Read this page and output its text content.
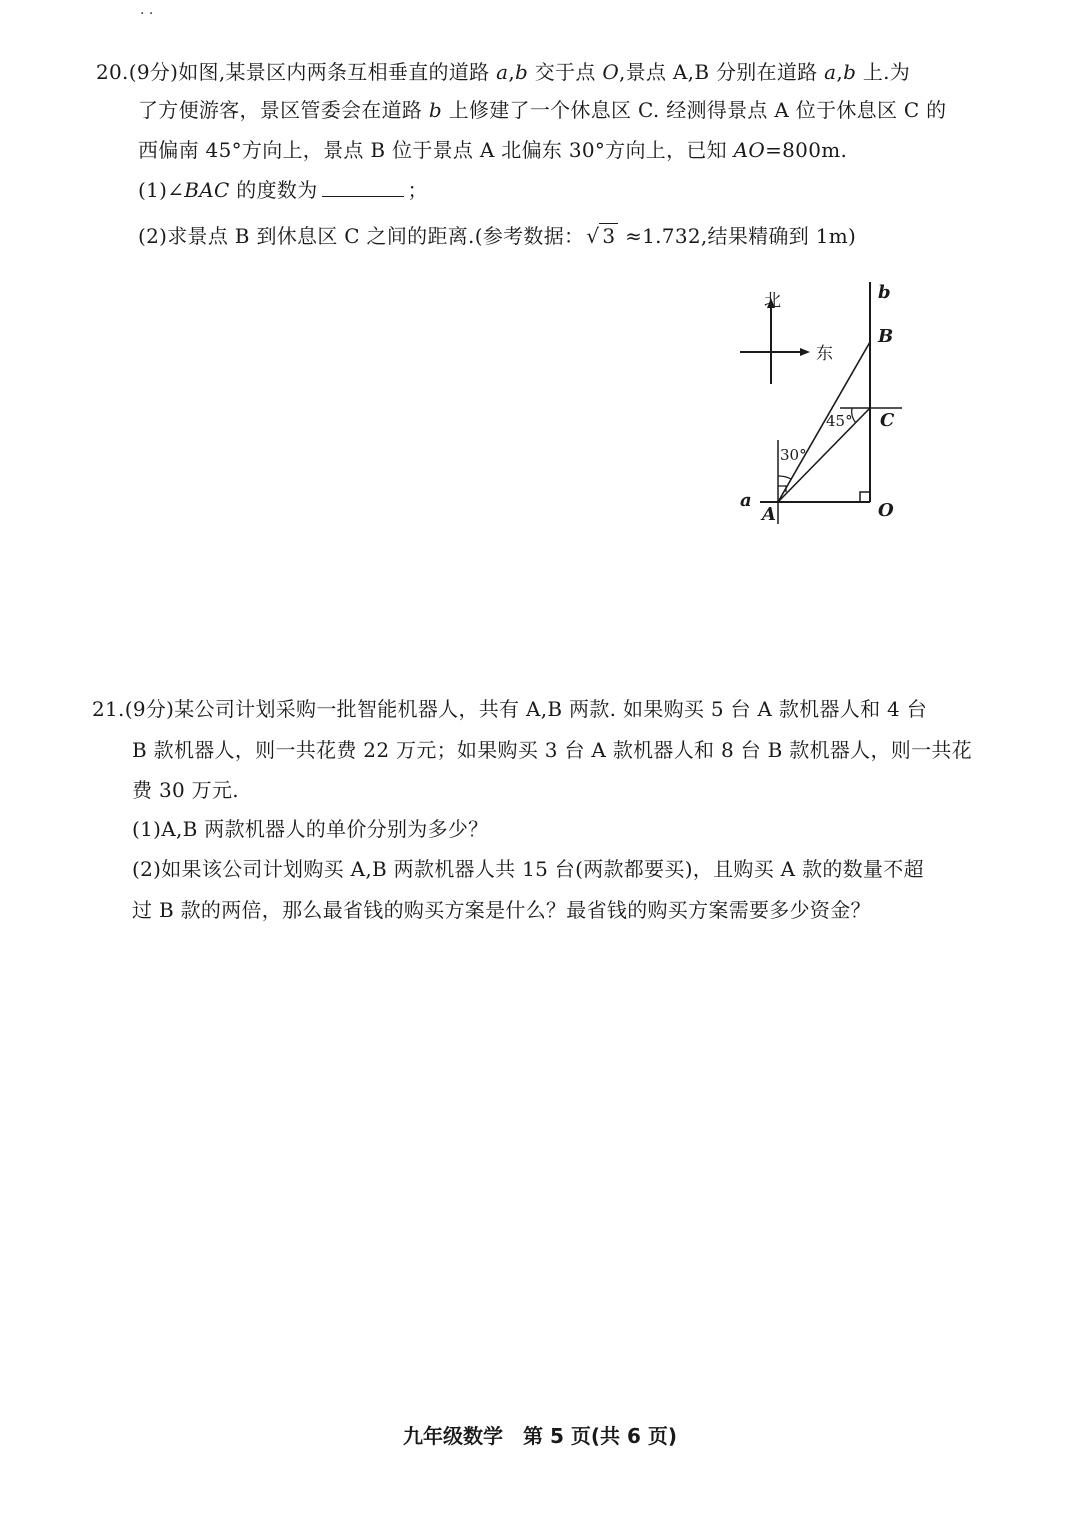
· ·
20.(9分)如图,某景区内两条互相垂直的道路 a,b 交于点 O,景点 A,B 分别在道路 a,b 上.为
了方便游客，景区管委会在道路 b 上修建了一个休息区 C. 经测得景点 A 位于休息区 C 的
西偏南 45°方向上，景点 B 位于景点 A 北偏东 30°方向上，已知 AO=800m.
(1)∠BAC 的度数为	；
(2)求景点 B 到休息区 C 之间的距离.(参考数据： √ 3 ≈1.732,结果精确到 1m)
北
东
45°
30°
b
B
C
O
A
a
21.(9分)某公司计划采购一批智能机器人，共有 A,B 两款. 如果购买 5 台 A 款机器人和 4 台
B 款机器人，则一共花费 22 万元；如果购买 3 台 A 款机器人和 8 台 B 款机器人，则一共花
费 30 万元.
(1)A,B 两款机器人的单价分别为多少？
(2)如果该公司计划购买 A,B 两款机器人共 15 台(两款都要买)，且购买 A 款的数量不超
过 B 款的两倍，那么最省钱的购买方案是什么？最省钱的购买方案需要多少资金？
九年级数学　第 5 页(共 6 页)
